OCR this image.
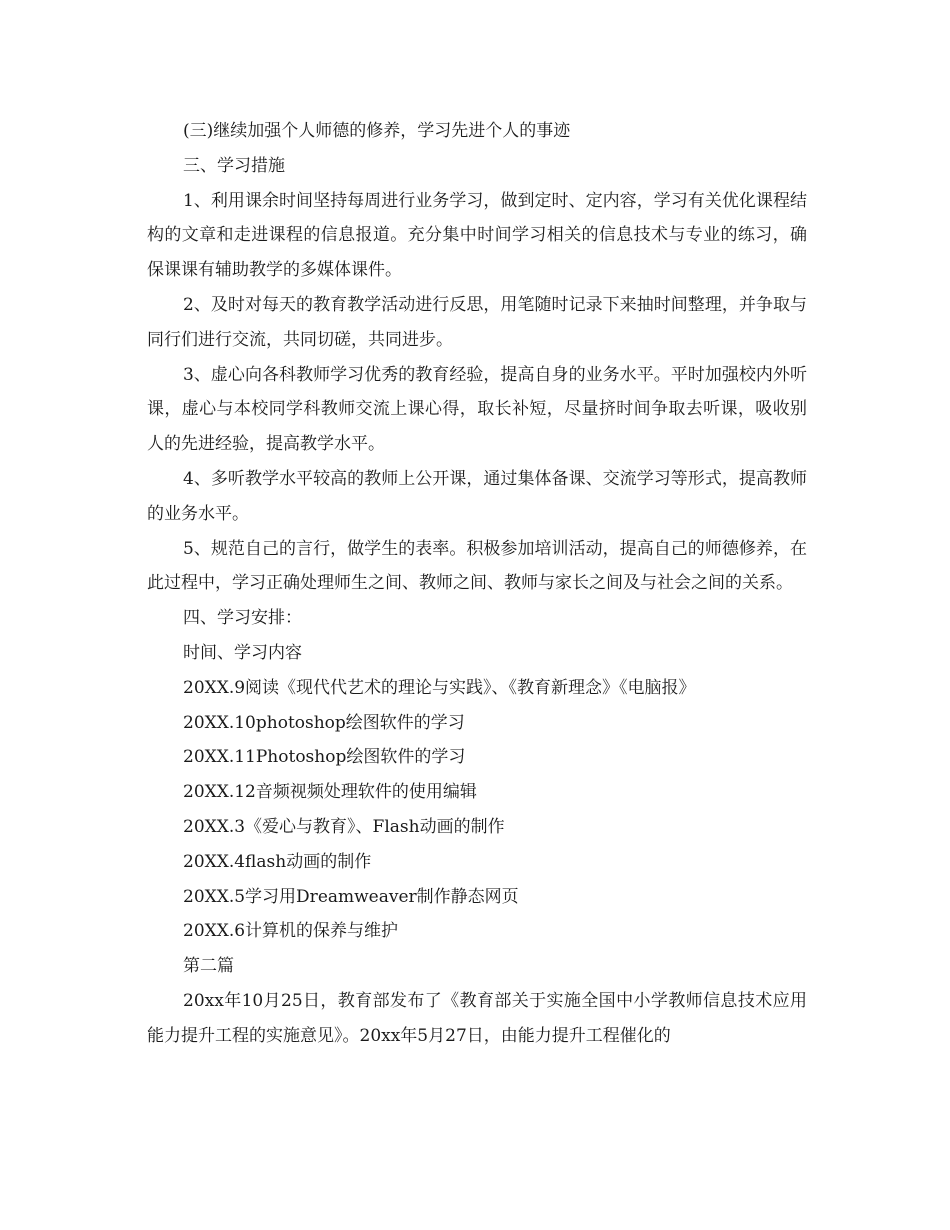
(三)继续加强个人师德的修养，学习先进个人的事迹

三、学习措施

1、利用课余时间坚持每周进行业务学习，做到定时、定内容，学习有关优化课程结构的文章和走进课程的信息报道。充分集中时间学习相关的信息技术与专业的练习，确保课课有辅助教学的多媒体课件。

2、及时对每天的教育教学活动进行反思，用笔随时记录下来抽时间整理，并争取与同行们进行交流，共同切磋，共同进步。

3、虚心向各科教师学习优秀的教育经验，提高自身的业务水平。平时加强校内外听课，虚心与本校同学科教师交流上课心得，取长补短，尽量挤时间争取去听课，吸收别人的先进经验，提高教学水平。

4、多听教学水平较高的教师上公开课，通过集体备课、交流学习等形式，提高教师的业务水平。

5、规范自己的言行，做学生的表率。积极参加培训活动，提高自己的师德修养，在此过程中，学习正确处理师生之间、教师之间、教师与家长之间及与社会之间的关系。

四、学习安排：

时间、学习内容

20XX.9阅读《现代代艺术的理论与实践》、《教育新理念》《电脑报》

20XX.10photoshop绘图软件的学习

20XX.11Photoshop绘图软件的学习

20XX.12音频视频处理软件的使用编辑

20XX.3《爱心与教育》、Flash动画的制作

20XX.4flash动画的制作

20XX.5学习用Dreamweaver制作静态网页

20XX.6计算机的保养与维护

第二篇

20xx年10月25日，教育部发布了《教育部关于实施全国中小学教师信息技术应用能力提升工程的实施意见》。20xx年5月27日，由能力提升工程催化的
